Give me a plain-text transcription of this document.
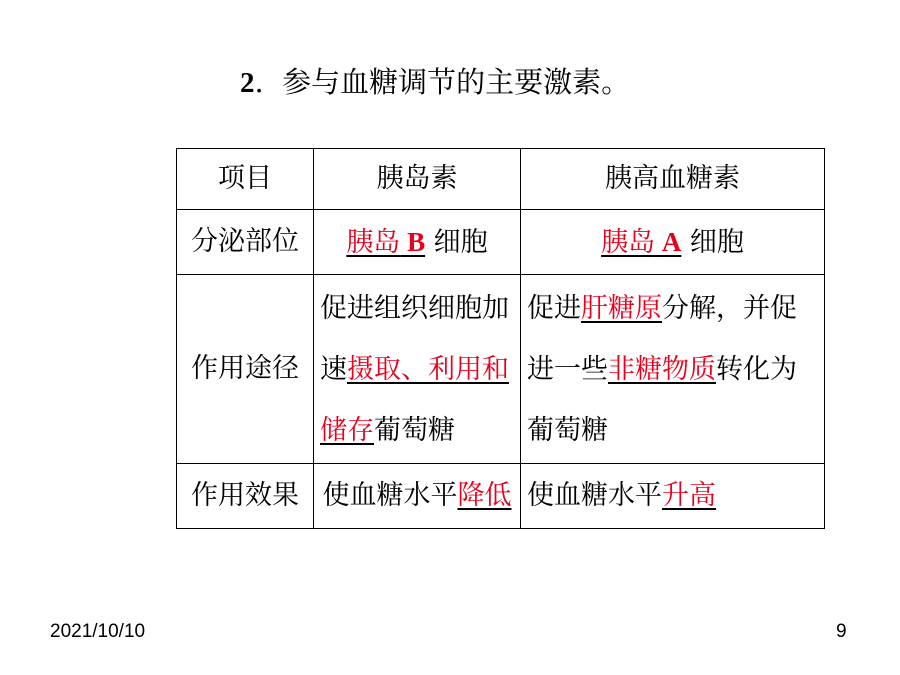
2. 参与血糖调节的主要激素。
项目	胰岛素	胰高血糖素
分泌部位	胰岛 B 细胞	胰岛 A 细胞
作用途径	促进组织细胞加速摄取、利用和储存葡萄糖	促进肝糖原分解，并促进一些非糖物质转化为葡萄糖
作用效果	使血糖水平降低	使血糖水平升高
2021/10/10	9
